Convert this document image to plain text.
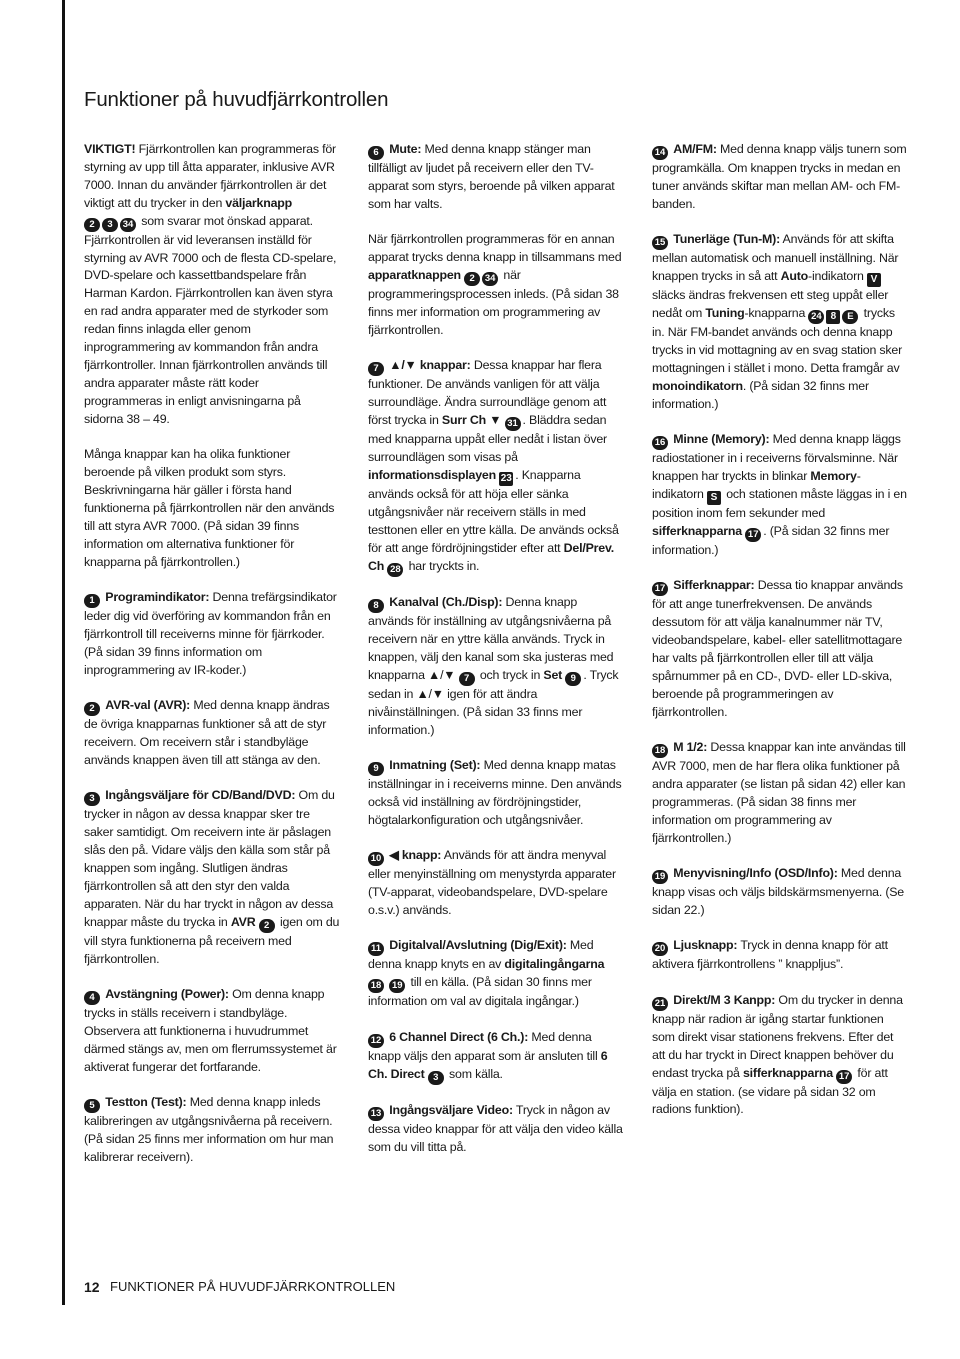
Funktioner på huvudfjärrkontrollen

VIKTIGT! Fjärrkontrollen kan programmeras för styrning av upp till åtta apparater, inklusive AVR 7000. Innan du använder fjärrkontrollen är det viktigt att du trycker in den väljarknapp
2 3 34 som svarar mot önskad apparat. Fjärrkontrollen är vid leveransen inställd för styrning av AVR 7000 och de flesta CD-spelare, DVD-spelare och kassettbandspelare från Harman Kardon. Fjärrkontrollen kan även styra en rad andra apparater med de styrkoder som redan finns inlagda eller genom inprogrammering av kommandon från andra fjärrkontroller. Innan fjärrkontrollen används till andra apparater måste rätt koder programmeras in enligt anvisningarna på sidorna 38 – 49.

Många knappar kan ha olika funktioner beroende på vilken produkt som styrs. Beskrivningarna här gäller i första hand funktionerna på fjärrkontrollen när den används till att styra AVR 7000. (På sidan 39 finns information om alternativa funktioner för knapparna på fjärrkontrollen.)

1 Programindikator: Denna trefärgsindikator leder dig vid överföring av kommandon från en fjärrkontroll till receiverns minne för fjärrkoder. (På sidan 39 finns information om inprogrammering av IR-koder.)

2 AVR-val (AVR): Med denna knapp ändras de övriga knapparnas funktioner så att de styr receivern. Om receivern står i standbyläge används knappen även till att stänga av den.

3 Ingångsväljare för CD/Band/DVD: Om du trycker in någon av dessa knappar sker tre saker samtidigt. Om receivern inte är påslagen slås den på. Vidare väljs den källa som står på knappen som ingång. Slutligen ändras fjärrkontrollen så att den styr den valda apparaten. När du har tryckt in någon av dessa knappar måste du trycka in AVR 2 igen om du vill styra funktionerna på receivern med fjärrkontrollen.

4 Avstängning (Power): Om denna knapp trycks in ställs receivern i standbyläge. Observera att funktionerna i huvudrummet därmed stängs av, men om flerrumssystemet är aktiverat fungerar det fortfarande.

5 Testton (Test): Med denna knapp inleds kalibreringen av utgångsnivåerna på receivern. (På sidan 25 finns mer information om hur man kalibrerar receivern).

6 Mute: Med denna knapp stänger man tillfälligt av ljudet på receivern eller den TV-apparat som styrs, beroende på vilken apparat som har valts.

När fjärrkontrollen programmeras för en annan apparat trycks denna knapp in tillsammans med apparatknappen 2 34 när programmeringsprocessen inleds. (På sidan 38 finns mer information om programmering av fjärrkontrollen.

7 ▲/▼ knappar: Dessa knappar har flera funktioner. De används vanligen för att välja surroundläge. Ändra surroundläge genom att först trycka in Surr Ch ▼ 31 . Bläddra sedan med knapparna uppåt eller nedåt i listan över surroundlägen som visas på informationsdisplayen 23 . Knapparna används också för att höja eller sänka utgångsnivåer när receivern ställs in med testtonen eller en yttre källa. De används också för att ange fördröjningstider efter att Del/Prev. Ch 28 har tryckts in.

8 Kanalval (Ch./Disp): Denna knapp används för inställning av utgångsnivåerna på receivern när en yttre källa används. Tryck in knappen, välj den kanal som ska justeras med knapparna ▲/▼ 7 och tryck in Set 9 . Tryck sedan in ▲/▼ igen för att ändra nivåinställningen. (På sidan 33 finns mer information.)

9 Inmatning (Set): Med denna knapp matas inställningar in i receiverns minne. Den används också vid inställning av fördröjningstider, högtalarkonfiguration och utgångsnivåer.

10 ◀ knapp: Används för att ändra menyval eller menyinställning om menystyrda apparater (TV-apparat, videobandspelare, DVD-spelare o.s.v.) används.

11 Digitalval/Avslutning (Dig/Exit): Med denna knapp knyts en av digitalingångarna
18 19 till en källa. (På sidan 30 finns mer information om val av digitala ingångar.)

12 6 Channel Direct (6 Ch.): Med denna knapp väljs den apparat som är ansluten till 6 Ch. Direct 3 som källa.

13 Ingångsväljare Video: Tryck in någon av dessa video knappar för att välja den video källa som du vill titta på.

14 AM/FM: Med denna knapp väljs tunern som programkälla. Om knappen trycks in medan en tuner används skiftar man mellan AM- och FM-banden.

15 Tunerläge (Tun-M): Används för att skifta mellan automatisk och manuell inställning. När knappen trycks in så att Auto-indikatorn V släcks ändras frekvensen ett steg uppåt eller nedåt om Tuning-knapparna 24 8 E trycks in. När FM-bandet används och denna knapp trycks in vid mottagning av en svag station sker mottagningen i stället i mono. Detta framgår av monoindikatorn. (På sidan 32 finns mer information.)

16 Minne (Memory): Med denna knapp läggs radiostationer in i receiverns förvalsminne. När knappen har tryckts in blinkar Memory-indikatorn S och stationen måste läggas in i en position inom fem sekunder med sifferknapparna 17 . (På sidan 32 finns mer information.)

17 Sifferknappar: Dessa tio knappar används för att ange tunerfrekvensen. De används dessutom för att välja kanalnummer när TV, videobandspelare, kabel- eller satellitmottagare har valts på fjärrkontrollen eller till att välja spårnummer på en CD-, DVD- eller LD-skiva, beroende på programmeringen av fjärrkontrollen.

18 M 1/2: Dessa knappar kan inte användas till AVR 7000, men de har flera olika funktioner på andra apparater (se listan på sidan 42) eller kan programmeras. (På sidan 38 finns mer information om programmering av fjärrkontrollen.)

19 Menyvisning/Info (OSD/Info): Med denna knapp visas och väljs bildskärmsmenyerna. (Se sidan 22.)

20 Ljusknapp: Tryck in denna knapp för att aktivera fjärrkontrollens ” knappljus”.

21 Direkt/M 3 Kanpp: Om du trycker in denna knapp när radion är igång startar funktionen som direkt visar stationens frekvens. Efter det att du har tryckt in Direct knappen behöver du endast trycka på sifferknapparna 17 för att välja en station. (se vidare på sidan 32 om radions funktion).

12 FUNKTIONER PÅ HUVUDFJÄRRKONTROLLEN
